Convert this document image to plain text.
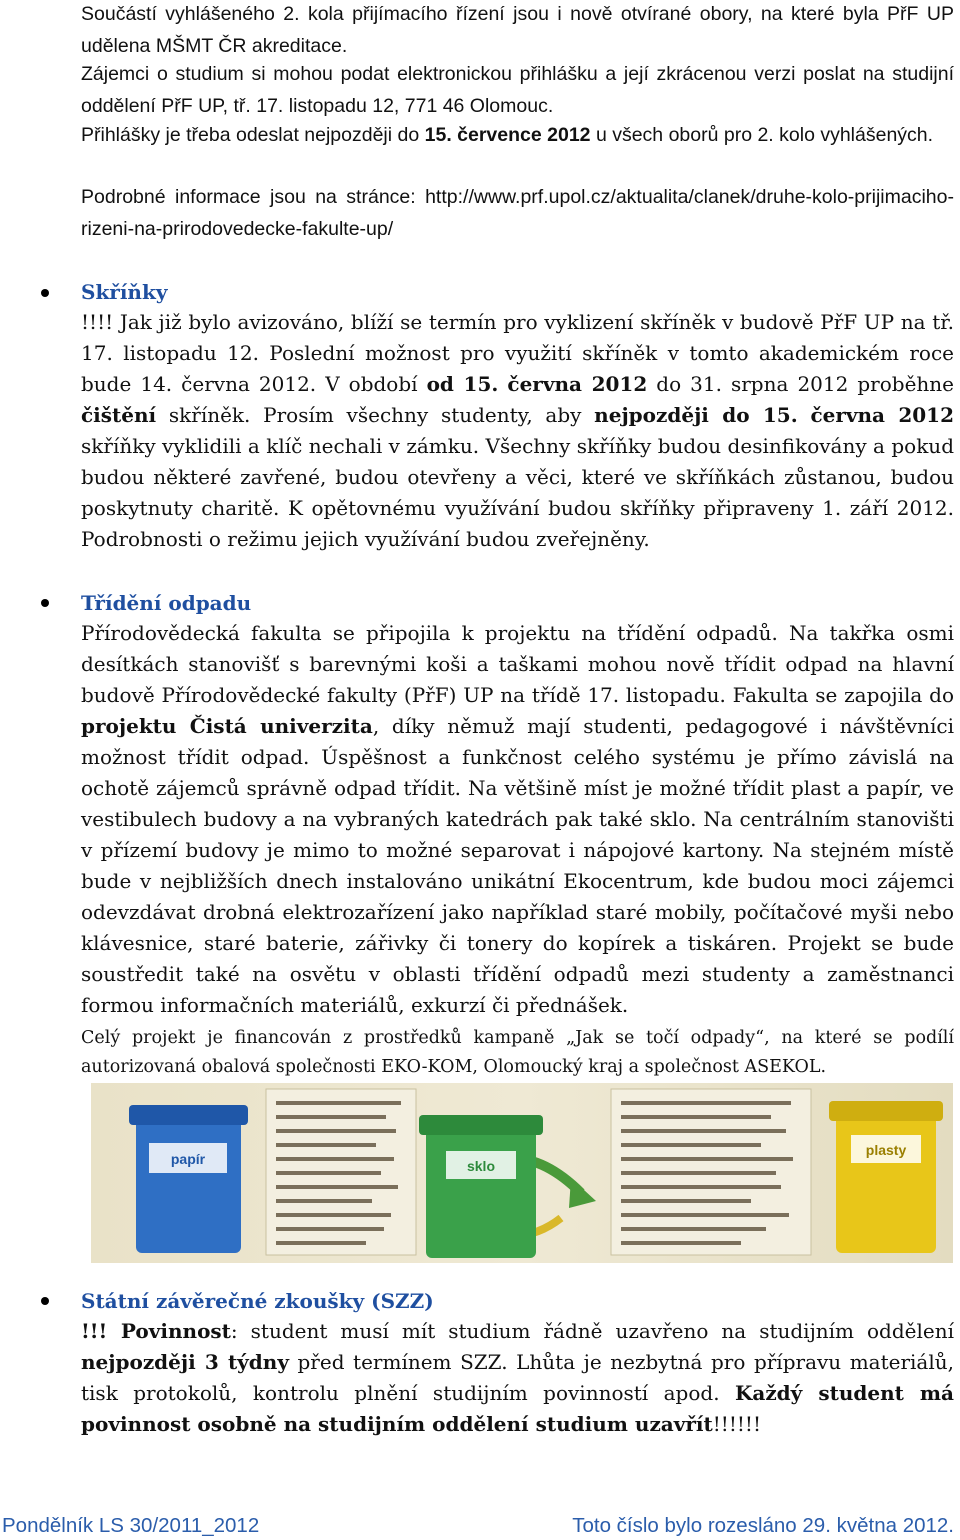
Součástí vyhlášeného 2. kola přijímacího řízení jsou i nově otvírané obory, na které byla PřF UP udělena MŠMT ČR akreditace.

Zájemci o studium si mohou podat elektronickou přihlášku a její zkrácenou verzi poslat na studijní oddělení PřF UP, tř. 17. listopadu 12, 771 46 Olomouc.

Přihlášky je třeba odeslat nejpozději do 15. července 2012 u všech oborů pro 2. kolo vyhlášených.

Podrobné informace jsou na stránce: http://www.prf.upol.cz/aktualita/clanek/druhe-kolo-prijimaciho-rizeni-na-prirodovedecke-fakulte-up/

Skříňky

!!!! Jak již bylo avizováno, blíží se termín pro vyklizení skříněk v budově PřF UP na tř. 17. listopadu 12. Poslední možnost pro využití skříněk v tomto akademickém roce bude 14. června 2012. V období od 15. června 2012 do 31. srpna 2012 proběhne čištění skříněk. Prosím všechny studenty, aby nejpozději do 15. června 2012 skříňky vyklidili a klíč nechali v zámku. Všechny skříňky budou desinfikovány a pokud budou některé zavřené, budou otevřeny a věci, které ve skříňkách zůstanou, budou poskytnuty charitě. K opětovnému využívání budou skříňky připraveny 1. září 2012. Podrobnosti o režimu jejich využívání budou zveřejněny.

Třídění odpadu

Přírodovědecká fakulta se připojila k projektu na třídění odpadů. Na takřka osmi desítkách stanovišť s barevnými koši a taškami mohou nově třídit odpad na hlavní budově Přírodovědecké fakulty (PřF) UP na třídě 17. listopadu. Fakulta se zapojila do projektu Čistá univerzita, díky němuž mají studenti, pedagogové i návštěvníci možnost třídit odpad. Úspěšnost a funkčnost celého systému je přímo závislá na ochotě zájemců správně odpad třídit. Na většině míst je možné třídit plast a papír, ve vestibulech budovy a na vybraných katedrách pak také sklo. Na centrálním stanovišti v přízemí budovy je mimo to možné separovat i nápojové kartony. Na stejném místě bude v nejbližších dnech instalováno unikátní Ekocentrum, kde budou moci zájemci odevzdávat drobná elektrozařízení jako například staré mobily, počítačové myši nebo klávesnice, staré baterie, zářivky či tonery do kopírek a tiskáren. Projekt se bude soustředit také na osvětu v oblasti třídění odpadů mezi studenty a zaměstnanci formou informačních materiálů, exkurzí či přednášek.

Celý projekt je financován z prostředků kampaně „Jak se točí odpady“, na které se podílí autorizovaná obalová společnosti EKO-KOM, Olomoucký kraj a společnost ASEKOL.

papír	sklo
plasty

Státní závěrečné zkoušky (SZZ)

!!! Povinnost: student musí mít studium řádně uzavřeno na studijním oddělení nejpozději 3 týdny před termínem SZZ. Lhůta je nezbytná pro přípravu materiálů, tisk protokolů, kontrolu plnění studijním povinností apod. Každý student má povinnost osobně na studijním oddělení studium uzavřít!!!!!!

Pondělník LS 30/2011_2012	Toto číslo bylo rozesláno 29. května 2012.
